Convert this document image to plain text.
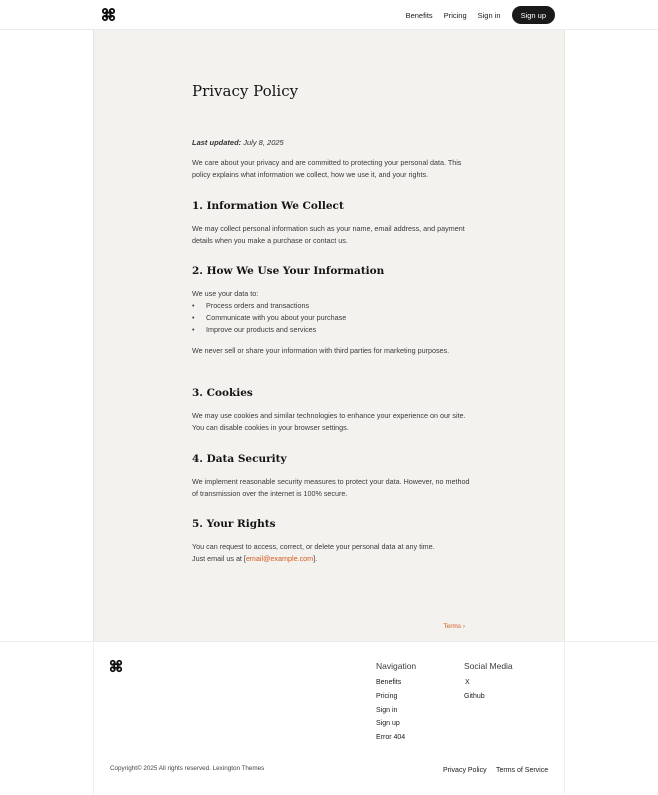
Benefits Pricing Sign in	Sign up
Privacy Policy

Last updated: July 8, 2025

We care about your privacy and are committed to protecting your personal data. This policy explains what information we collect, how we use it, and your rights.

1. Information We Collect

We may collect personal information such as your name, email address, and payment details when you make a purchase or contact us.

2. How We Use Your Information

We use your data to:

• Process orders and transactions
• Communicate with you about your purchase
• Improve our products and services

We never sell or share your information with third parties for marketing purposes.

3. Cookies

We may use cookies and similar technologies to enhance your experience on our site. You can disable cookies in your browser settings.

4. Data Security

We implement reasonable security measures to protect your data. However, no method of transmission over the internet is 100% secure.

5. Your Rights

You can request to access, correct, or delete your personal data at any time.
Just email us at [email@example.com].

Terms ›
Navigation
Benefits
Pricing
Sign in
Sign up
Error 404
Social Media
X
Github
Copyright© 2025 All rights reserved. Lexington Themes	Privacy Policy Terms of Service
